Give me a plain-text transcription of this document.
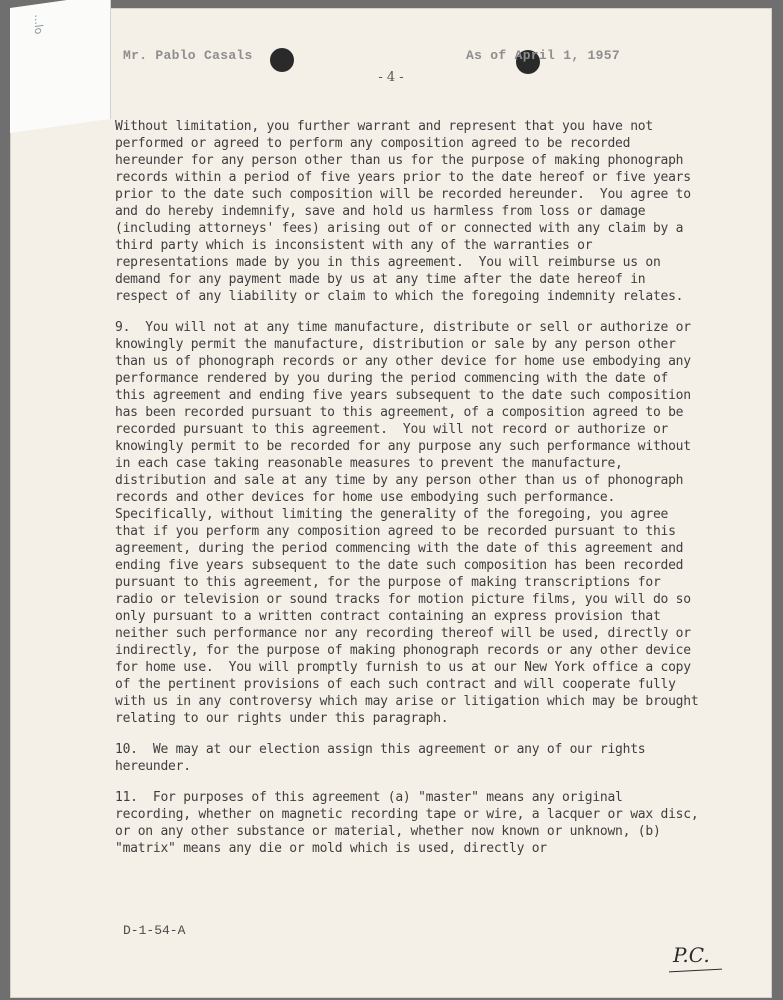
...lo
Mr. Pablo Casals	As of April 1, 1957
- 4 -

Without limitation, you further warrant and represent that you have not performed or agreed to perform any composition agreed to be recorded hereunder for any person other than us for the purpose of making phonograph records within a period of five years prior to the date hereof or five years prior to the date such composition will be recorded hereunder.  You agree to and do hereby indemnify, save and hold us harmless from loss or damage (including attorneys' fees) arising out of or connected with any claim by a third party which is inconsistent with any of the warranties or representations made by you in this agreement.  You will reimburse us on demand for any payment made by us at any time after the date hereof in respect of any liability or claim to which the foregoing indemnity relates.

9.  You will not at any time manufacture, distribute or sell or authorize or knowingly permit the manufacture, distribution or sale by any person other than us of phonograph records or any other device for home use embodying any performance rendered by you during the period commencing with the date of this agreement and ending five years subsequent to the date such composition has been recorded pursuant to this agreement, of a composition agreed to be recorded pursuant to this agreement.  You will not record or authorize or knowingly permit to be recorded for any purpose any such performance without in each case taking reasonable measures to prevent the manufacture, distribution and sale at any time by any person other than us of phonograph records and other devices for home use embodying such performance.  Specifically, without limiting the generality of the foregoing, you agree that if you perform any composition agreed to be recorded pursuant to this agreement, during the period commencing with the date of this agreement and ending five years subsequent to the date such composition has been recorded pursuant to this agreement, for the purpose of making transcriptions for radio or television or sound tracks for motion picture films, you will do so only pursuant to a written contract containing an express provision that neither such performance nor any recording thereof will be used, directly or indirectly, for the purpose of making phonograph records or any other device for home use.  You will promptly furnish to us at our New York office a copy of the pertinent provisions of each such contract and will cooperate fully with us in any controversy which may arise or litigation which may be brought relating to our rights under this paragraph.

10.  We may at our election assign this agreement or any of our rights hereunder.

11.  For purposes of this agreement (a) "master" means any original recording, whether on magnetic recording tape or wire, a lacquer or wax disc, or on any other substance or material, whether now known or unknown, (b) "matrix" means any die or mold which is used, directly or

D-1-54-A
P.C.
